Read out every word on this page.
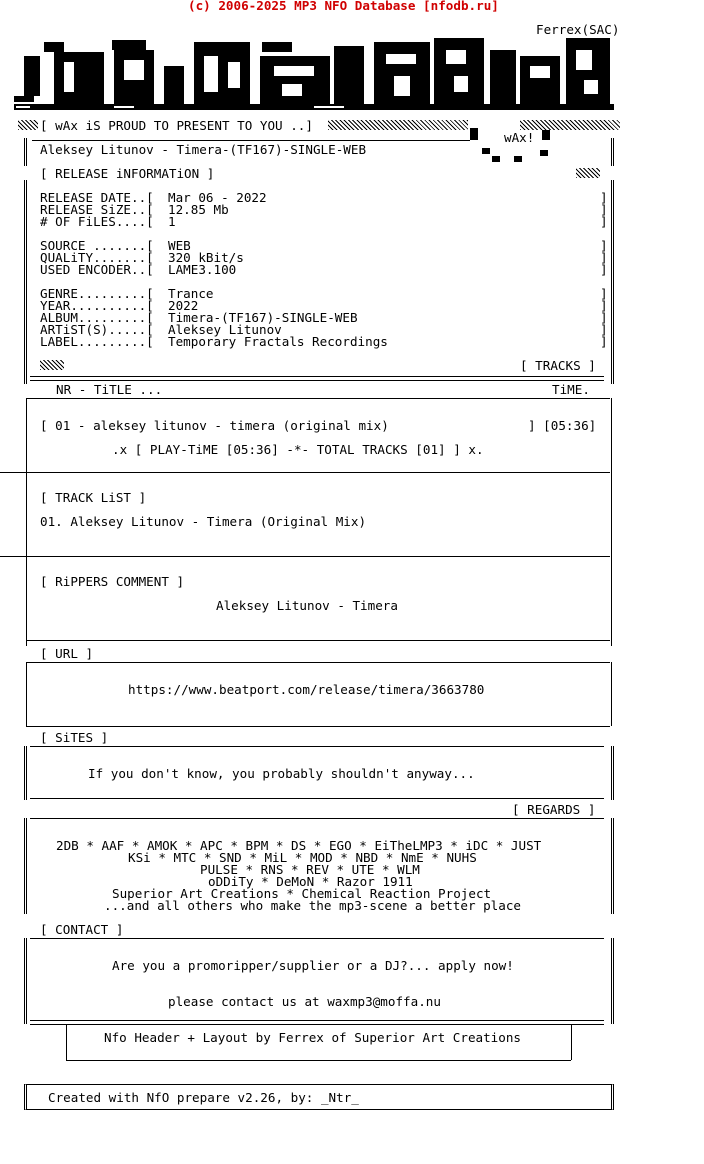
(c) 2006-2025 MP3 NFO Database [nfodb.ru]
Ferrex(SAC)
[ wAx iS PROUD TO PRESENT TO YOU ..]
wAx!
Aleksey Litunov - Timera-(TF167)-SINGLE-WEB
[ RELEASE iNFORMATiON ]
RELEASE DATE..[ Mar 06 - 2022	]
RELEASE SiZE..[ 12.85 Mb	]
# OF FiLES....[ 1	]
SOURCE .......[ WEB	]
QUALiTY.......[ 320 kBit/s	]
USED ENCODER..[ LAME3.100	]
GENRE.........[ Trance	]
YEAR..........[ 2022	]
ALBUM.........[ Timera-(TF167)-SINGLE-WEB	]
ARTiST(S).....[ Aleksey Litunov	]
LABEL.........[ Temporary Fractals Recordings	]
[ TRACKS ]
NR - TiTLE ...	TiME.
[ 01 - aleksey litunov - timera (original mix)	] [05:36]
.x [ PLAY-TiME [05:36] -*- TOTAL TRACKS [01] ] x.
[ TRACK LiST ]
01. Aleksey Litunov - Timera (Original Mix)
[ RiPPERS COMMENT ]
Aleksey Litunov - Timera
[ URL ]
https://www.beatport.com/release/timera/3663780
[ SiTES ]
If you don't know, you probably shouldn't anyway...
[ REGARDS ]
2DB * AAF * AMOK * APC * BPM * DS * EGO * EiTheLMP3 * iDC * JUST
KSi * MTC * SND * MiL * MOD * NBD * NmE * NUHS
PULSE * RNS * REV * UTE * WLM
oDDiTy * DeMoN * Razor 1911
Superior Art Creations * Chemical Reaction Project
...and all others who make the mp3-scene a better place
[ CONTACT ]
Are you a promoripper/supplier or a DJ?... apply now!
please contact us at waxmp3@moffa.nu
Nfo Header + Layout by Ferrex of Superior Art Creations
Created with NfO prepare v2.26, by: _Ntr_
